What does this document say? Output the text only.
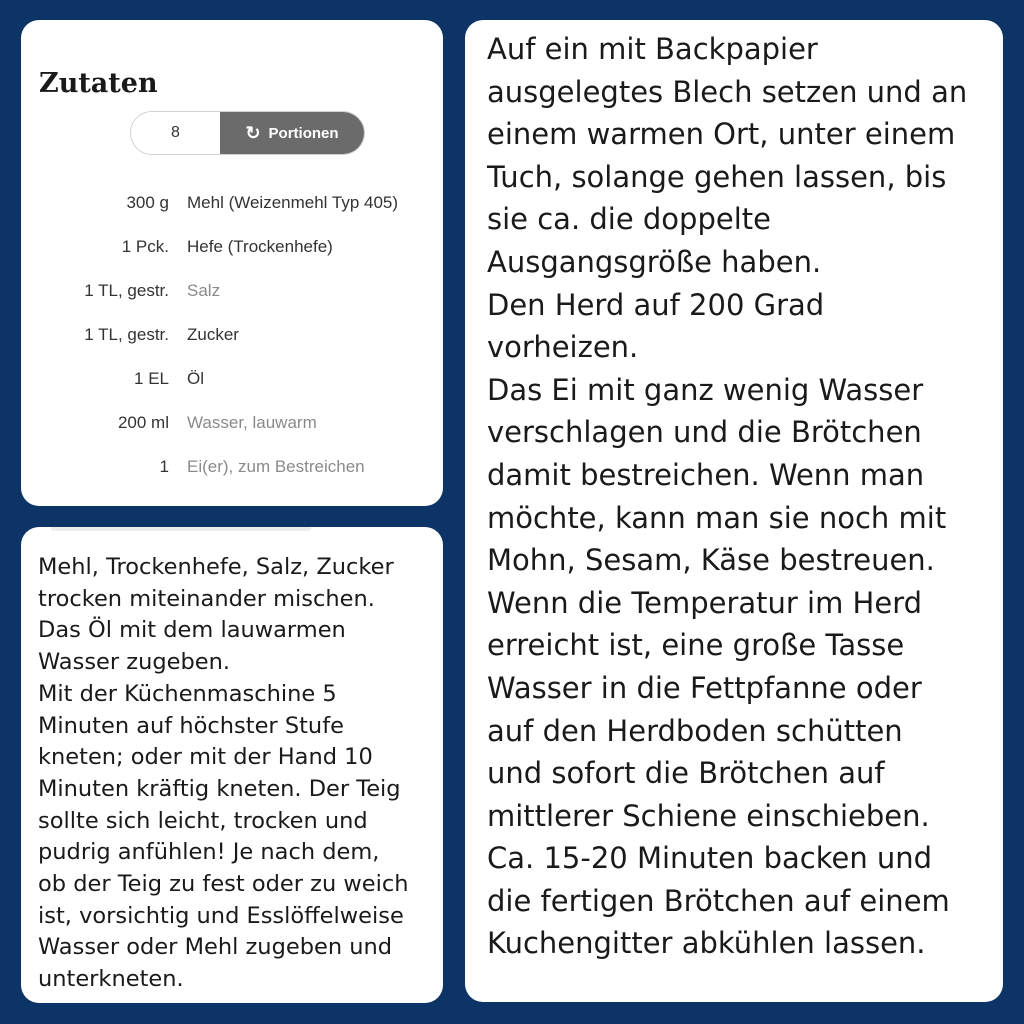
Zutaten
8
↻ Portionen
300 g Mehl (Weizenmehl Typ 405)
1 Pck. Hefe (Trockenhefe)
1 TL, gestr. Salz
1 TL, gestr. Zucker
1 EL Öl
200 ml Wasser, lauwarm
1 Ei(er), zum Bestreichen

Mehl, Trockenhefe, Salz, Zucker
trocken miteinander mischen.
Das Öl mit dem lauwarmen
Wasser zugeben.
Mit der Küchenmaschine 5
Minuten auf höchster Stufe
kneten; oder mit der Hand 10
Minuten kräftig kneten. Der Teig
sollte sich leicht, trocken und
pudrig anfühlen! Je nach dem,
ob der Teig zu fest oder zu weich
ist, vorsichtig und Esslöffelweise
Wasser oder Mehl zugeben und
unterkneten.

Auf ein mit Backpapier
ausgelegtes Blech setzen und an
einem warmen Ort, unter einem
Tuch, solange gehen lassen, bis
sie ca. die doppelte
Ausgangsgröße haben.
Den Herd auf 200 Grad
vorheizen.
Das Ei mit ganz wenig Wasser
verschlagen und die Brötchen
damit bestreichen. Wenn man
möchte, kann man sie noch mit
Mohn, Sesam, Käse bestreuen.
Wenn die Temperatur im Herd
erreicht ist, eine große Tasse
Wasser in die Fettpfanne oder
auf den Herdboden schütten
und sofort die Brötchen auf
mittlerer Schiene einschieben.
Ca. 15-20 Minuten backen und
die fertigen Brötchen auf einem
Kuchengitter abkühlen lassen.
